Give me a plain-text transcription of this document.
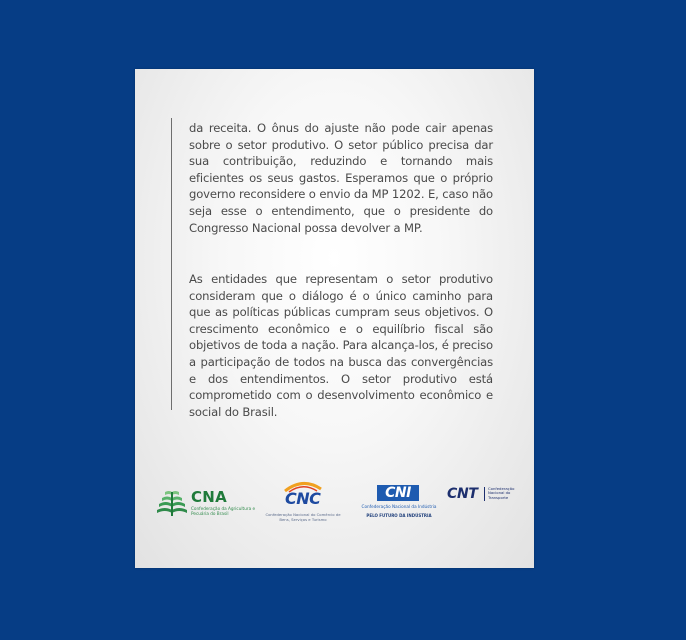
da receita. O ônus do ajuste não pode cair apenas sobre o setor produtivo. O setor público precisa dar sua contribuição, reduzindo e tornando mais eficientes os seus gastos. Esperamos que o próprio governo reconsidere o envio da MP 1202. E, caso não seja esse o entendimento, que o presidente do Congresso Nacional possa devolver a MP.
As entidades que representam o setor produtivo consideram que o diálogo é o único caminho para que as políticas públicas cumpram seus objetivos. O crescimento econômico e o equilíbrio fiscal são objetivos de toda a nação. Para alcança-los, é preciso a participação de todos na busca das convergências e dos entendimentos. O setor produtivo está comprometido com o desenvolvimento econômico e social do Brasil.
CNA
Confederação da Agricultura e Pecuária do Brasil
CNC
Confederação Nacional do Comércio de Bens, Serviços e Turismo
CNI
Confederação Nacional da Indústria
PELO FUTURO DA INDÚSTRIA
CNT	Confederação Nacional do Transporte
